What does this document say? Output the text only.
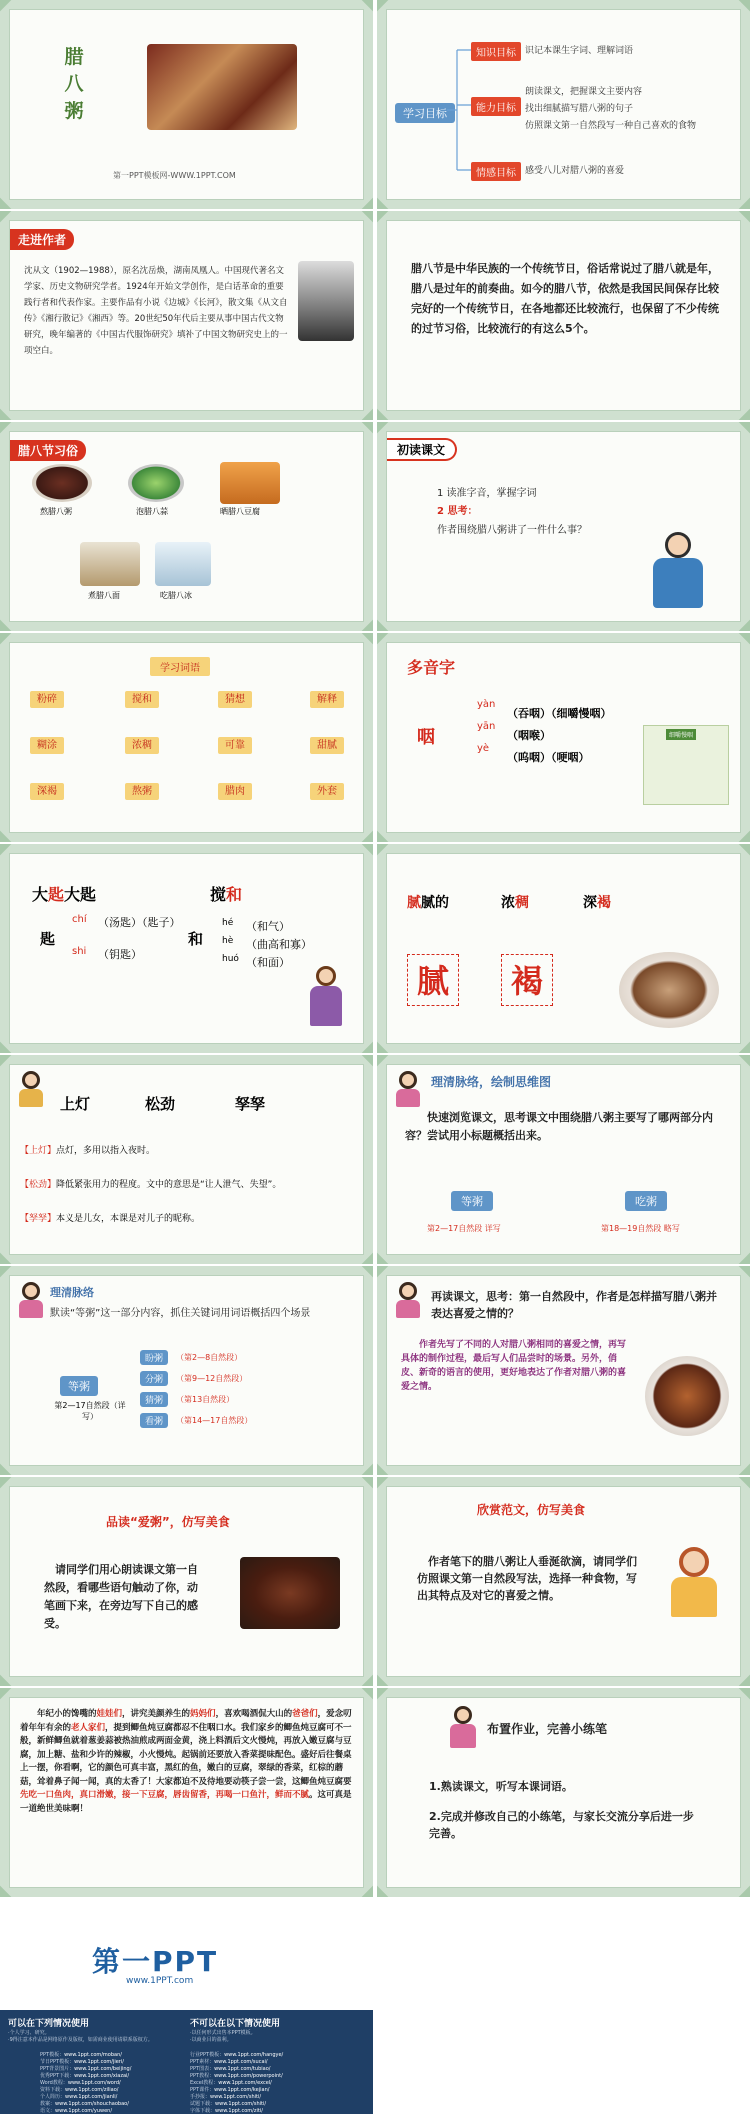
腊
八
粥
第一PPT模板网-WWW.1PPT.COM
学习目标
知识目标	识记本课生字词、理解词语
能力目标
朗读课文，把握课文主要内容
找出细腻描写腊八粥的句子
仿照课文第一自然段写一种自己喜欢的食物
情感目标	感受八儿对腊八粥的喜爱
走进作者
沈从文（1902—1988），原名沈岳焕，湖南凤凰人。中国现代著名文学家、历史文物研究学者。1924年开始文学创作，是白话革命的重要践行者和代表作家。主要作品有小说《边城》《长河》，散文集《从文自传》《湘行散记》《湘西》等。20世纪50年代后主要从事中国古代文物研究，晚年编著的《中国古代服饰研究》填补了中国文物研究史上的一项空白。
腊八节是中华民族的一个传统节日，俗话常说过了腊八就是年，腊八是过年的前奏曲。如今的腊八节，依然是我国民间保存比较完好的一个传统节日，在各地都还比较流行，也保留了不少传统的过节习俗，比较流行的有这么5个。
腊八节习俗
熬腊八粥	泡腊八蒜	晒腊八豆腐
煮腊八面	吃腊八冰
初读课文
1 读准字音，掌握字词
2 思考：
作者围绕腊八粥讲了一件什么事？
学习词语
粉碎	搅和	猜想	解释
糊涂	浓稠	可靠	甜腻
深褐	熬粥	腊肉	外套
多音字
咽
yàn
（吞咽）（细嚼慢咽）
yān
（咽喉）
yè
（呜咽）（哽咽）
细嚼慢咽
大匙大匙	搅和
匙
chí （汤匙）（匙子）
shi （钥匙）
和
hé （和气）
hè （曲高和寡）
huó （和面）
腻腻的	浓稠	深褐
腻	褐
上灯	松劲	孥孥
【上灯】点灯，多用以指入夜时。
【松劲】降低紧张用力的程度。文中的意思是“让人泄气、失望”。
【孥孥】本义是儿女，本课是对儿子的昵称。
理清脉络，绘制思维图
快速浏览课文，思考课文中围绕腊八粥主要写了哪两部分内容？尝试用小标题概括出来。
等粥
第2—17自然段 详写
吃粥
第18—19自然段 略写
理清脉络
默读“等粥”这一部分内容，抓住关键词用词语概括四个场景
等粥
第2—17自然段（详写）
盼粥	（第2—8自然段）
分粥	（第9—12自然段）
猜粥	（第13自然段）
看粥	（第14—17自然段）
再读课文，思考：第一自然段中，作者是怎样描写腊八粥并表达喜爱之情的？
作者先写了不同的人对腊八粥相同的喜爱之情，再写具体的制作过程，最后写人们品尝时的场景。另外，俏皮、新奇的语言的使用，更好地表达了作者对腊八粥的喜爱之情。
品读“爱粥”，仿写美食
请同学们用心朗读课文第一自然段，看哪些语句触动了你，动笔画下来，在旁边写下自己的感受。
欣赏范文，仿写美食
作者笔下的腊八粥让人垂涎欲滴，请同学们仿照课文第一自然段写法，选择一种食物，写出其特点及对它的喜爱之情。
年纪小的馋嘴的娃娃们，讲究美颜养生的妈妈们，喜欢喝酒侃大山的爸爸们，爱念叨着年年有余的老人家们，提到鲫鱼炖豆腐都忍不住咽口水。我们家乡的鲫鱼炖豆腐可不一般，新鲜鲫鱼就着葱姜蒜被热油煎成两面金黄，浇上料酒后文火慢炖，再放入嫩豆腐与豆腐，加上糖、盐和少许的辣椒，小火慢炖。起锅前还要放入香菜提味配色。盛好后往餐桌上一摆，你看啊，它的颜色可真丰富，黑红的鱼，嫩白的豆腐，翠绿的香菜，红棕的蘑菇，耸着鼻子闻一闻，真的太香了！大家都迫不及待地要动筷子尝一尝，这鲫鱼炖豆腐要先吃一口鱼肉，真口滑嫩，接一下豆腐，唇齿留香，再喝一口鱼汁，鲜而不腻。这可真是一道绝世美味啊！
布置作业，完善小练笔
1.熟读课文，听写本课词语。
2.完成并修改自己的小练笔，与家长交流分享后进一步完善。
第一PPT
www.1PPT.com
可以在下列情况使用
·个人学习、研究。
·9得注意本作品是网络原作及版权，如需商业使用请联系版权方。
不可以在以下情况使用
·以任何形式出售本PPT模板。
·以商业目的盈利。
PPT模板：www.1ppt.com/moban/
节日PPT模板：www.1ppt.com/jieri/
PPT背景图片：www.1ppt.com/beijing/
优秀PPT下载：www.1ppt.com/xiazai/
Word教程：www.1ppt.com/word/
资料下载：www.1ppt.com/ziliao/
个人简历：www.1ppt.com/jianli/
教案：www.1ppt.com/shouchaobao/
语文：www.1ppt.com/yuwen/
行业PPT模板：www.1ppt.com/hangye/
PPT素材：www.1ppt.com/sucai/
PPT图表：www.1ppt.com/tubiao/
PPT教程：www.1ppt.com/powerpoint/
Excel教程：www.1ppt.com/excel/
PPT课件：www.1ppt.com/kejian/
手抄报：www.1ppt.com/shiti/
试题下载：www.1ppt.com/shiti/
字体下载：www.1ppt.com/ziti/
